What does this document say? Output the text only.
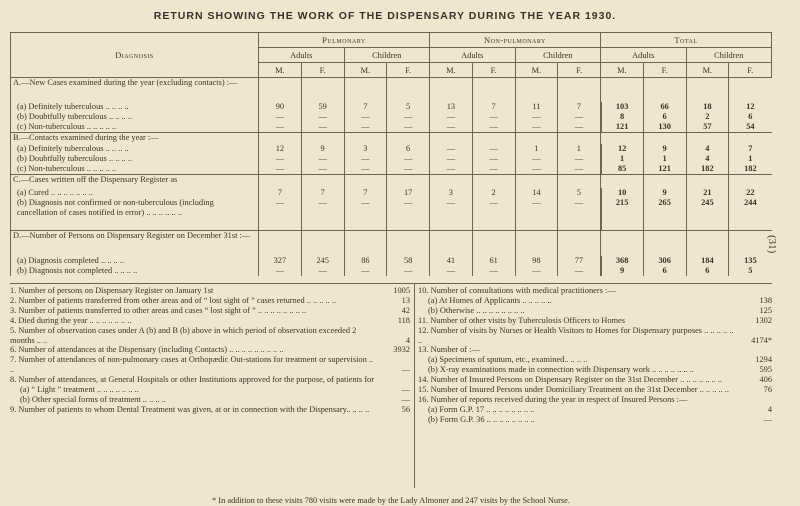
RETURN SHOWING THE WORK OF THE DISPENSARY DURING THE YEAR 1930.
(31)
Diagnosis	Pulmonary				Non-pulmonary				Total			
	Adults		Children		Adults		Children		Adults		Children	
	M.	F.	M.	F.	M.	F.	M.	F.	M.	F.	M.	F.
A.—New Cases examined during the year (excluding contacts) :—												
(a) Definitely tuberculous .. .. .. ..	90	59	7	5	13	7	11	7	103	66	18	12
(b) Doubtfully tuberculous .. .. .. ..	—	—	—	—	—	—	—	—	8	6	2	6
(c) Non-tuberculous .. .. .. .. ..	—	—	—	—	—	—	—	—	121	130	57	54
B.—Contacts examined during the year :—												
(a) Definitely tuberculous .. .. .. ..	12	9	3	6	—	—	1	1	12	9	4	7
(b) Doubtfully tuberculous .. .. .. ..	—	—	—	—	—	—	—	—	1	1	4	1
(c) Non-tuberculous .. .. .. .. ..	—	—	—	—	—	—	—	—	85	121	182	182
C.—Cases written off the Dispensary Register as												
(a) Cured .. .. .. .. .. .. ..	7	7	7	17	3	2	14	5	10	9	21	22
(b) Diagnosis not confirmed or non-tuberculous (including cancellation of cases notified in error) .. .. .. .. .. ..	—	—	—	—	—	—	—	—	215	265	245	244
D.—Number of Persons on Dispensary Register on December 31st :—												
(a) Diagnosis completed .. .. .. ..	327	245	86	58	41	61	98	77	368	306	184	135
(b) Diagnosis not completed .. .. .. ..	—	—	—	—	—	—	—	—	9	6	6	5
1. Number of persons on Dispensary Register on January 1st	1005
2. Number of patients transferred from other areas and of “ lost sight of ” cases returned .. .. .. .. ..	13
3. Number of patients transferred to other areas and cases “ lost sight of ” .. .. .. .. .. .. .. ..	42
4. Died during the year .. .. .. .. .. .. ..	118
5. Number of observation cases under A (b) and B (b) above in which period of observation exceeded 2 months .. ..	4
6. Number of attendances at the Dispensary (including Contacts) .. .. .. .. .. .. .. .. ..	3932
7. Number of attendances of non-pulmonary cases at Orthopædic Out-stations for treatment or supervision .. ..	—
8. Number of attendances, at General Hospitals or other Institutions approved for the purpose, of patients for
(a) “ Light ” treatment .. .. .. .. .. .. ..	—
(b) Other special forms of treatment .. .. .. ..	—
9. Number of patients to whom Dental Treatment was given, at or in connection with the Dispensary.. .. .. ..	56
10. Number of consultations with medical practitioners :—
(a) At Homes of Applicants .. .. .. .. ..	138
(b) Otherwise .. .. .. .. .. .. .. ..	125
11. Number of other visits by Tuberculosis Officers to Homes	1302
12. Number of visits by Nurses or Health Visitors to Homes for Dispensary purposes .. .. .. .. .. ..	4174*
13. Number of :—
(a) Specimens of sputum, etc., examined.. .. .. ..	1294
(b) X-ray examinations made in connection with Dispensary work .. .. .. .. .. .. ..	595
14. Number of Insured Persons on Dispensary Register on the 31st December .. .. .. .. .. .. ..	406
15. Number of Insured Persons under Domiciliary Treatment on the 31st December .. .. .. .. ..	76
16. Number of reports received during the year in respect of Insured Persons :—
(a) Form G.P. 17 .. .. .. .. .. .. .. ..	4
(b) Form G.P. 36 .. .. .. .. .. .. .. ..	—
* In addition to these visits 780 visits were made by the Lady Almoner and 247 visits by the School Nurse.
